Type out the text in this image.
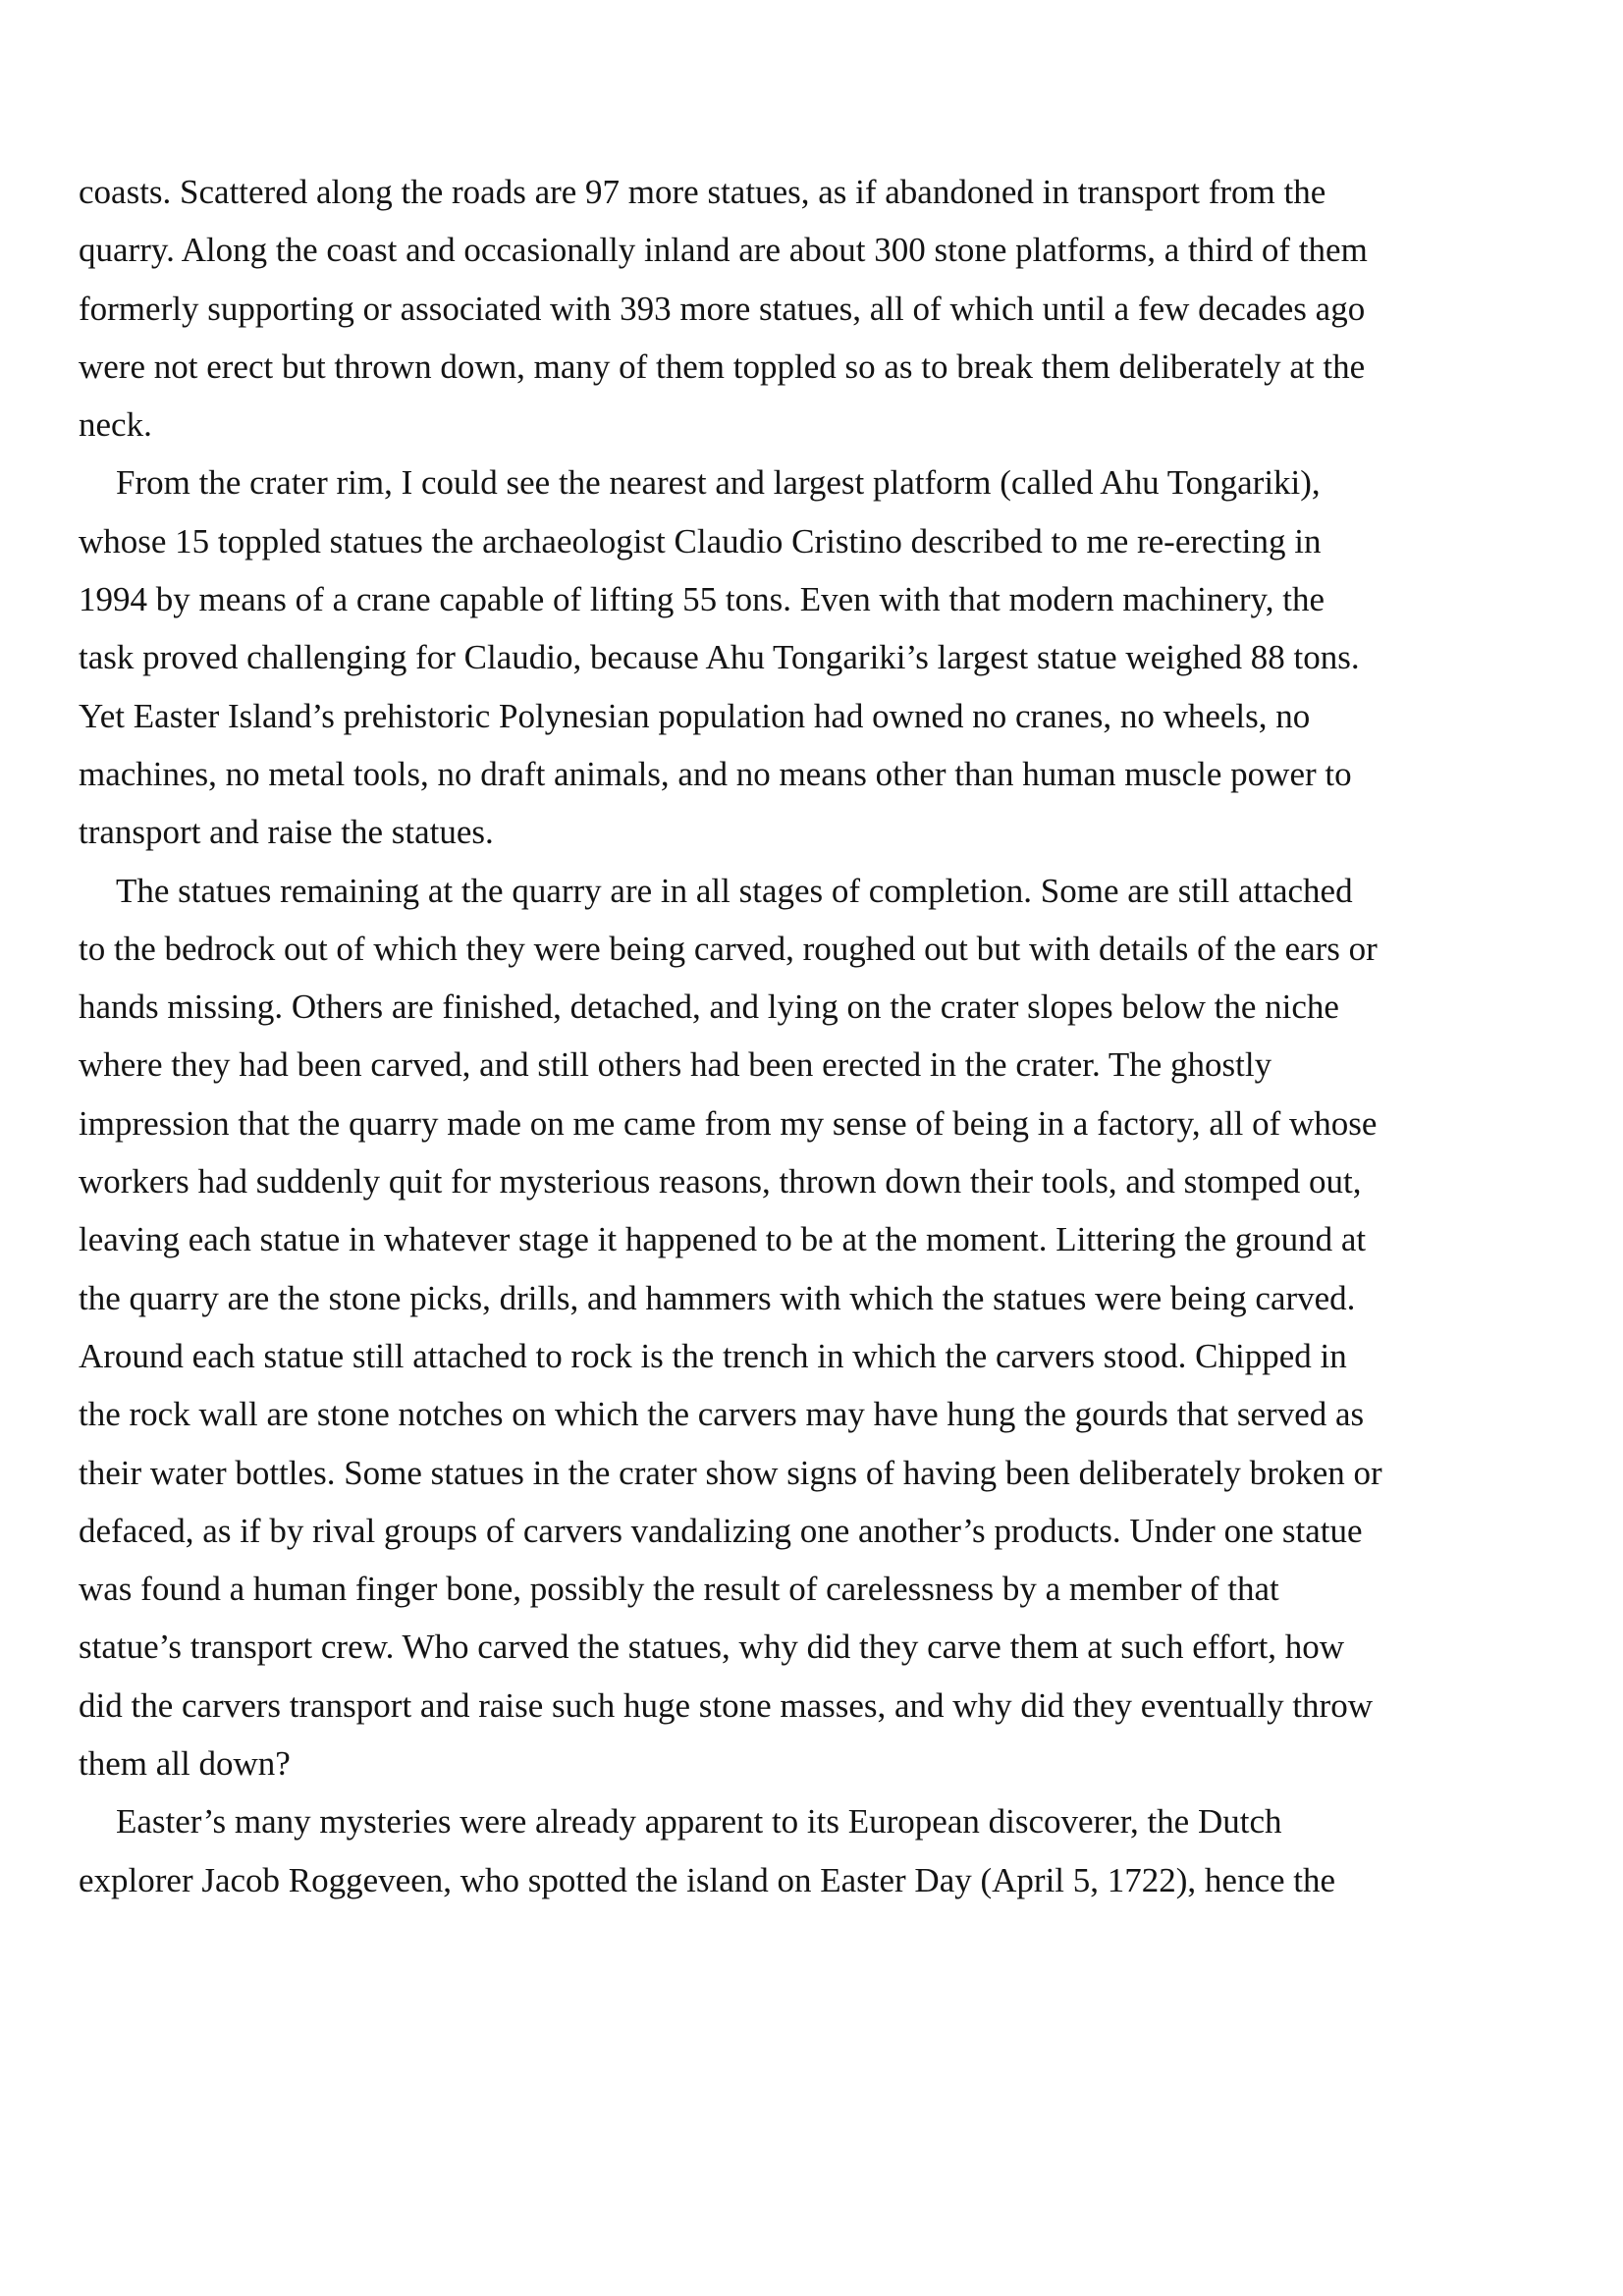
coasts. Scattered along the roads are 97 more statues, as if abandoned in transport from the
quarry. Along the coast and occasionally inland are about 300 stone platforms, a third of them
formerly supporting or associated with 393 more statues, all of which until a few decades ago
were not erect but thrown down, many of them toppled so as to break them deliberately at the
neck.

From the crater rim, I could see the nearest and largest platform (called Ahu Tongariki),
whose 15 toppled statues the archaeologist Claudio Cristino described to me re-erecting in
1994 by means of a crane capable of lifting 55 tons. Even with that modern machinery, the
task proved challenging for Claudio, because Ahu Tongariki’s largest statue weighed 88 tons.
Yet Easter Island’s prehistoric Polynesian population had owned no cranes, no wheels, no
machines, no metal tools, no draft animals, and no means other than human muscle power to
transport and raise the statues.

The statues remaining at the quarry are in all stages of completion. Some are still attached
to the bedrock out of which they were being carved, roughed out but with details of the ears or
hands missing. Others are finished, detached, and lying on the crater slopes below the niche
where they had been carved, and still others had been erected in the crater. The ghostly
impression that the quarry made on me came from my sense of being in a factory, all of whose
workers had suddenly quit for mysterious reasons, thrown down their tools, and stomped out,
leaving each statue in whatever stage it happened to be at the moment. Littering the ground at
the quarry are the stone picks, drills, and hammers with which the statues were being carved.
Around each statue still attached to rock is the trench in which the carvers stood. Chipped in
the rock wall are stone notches on which the carvers may have hung the gourds that served as
their water bottles. Some statues in the crater show signs of having been deliberately broken or
defaced, as if by rival groups of carvers vandalizing one another’s products. Under one statue
was found a human finger bone, possibly the result of carelessness by a member of that
statue’s transport crew. Who carved the statues, why did they carve them at such effort, how
did the carvers transport and raise such huge stone masses, and why did they eventually throw
them all down?

Easter’s many mysteries were already apparent to its European discoverer, the Dutch
explorer Jacob Roggeveen, who spotted the island on Easter Day (April 5, 1722), hence the
